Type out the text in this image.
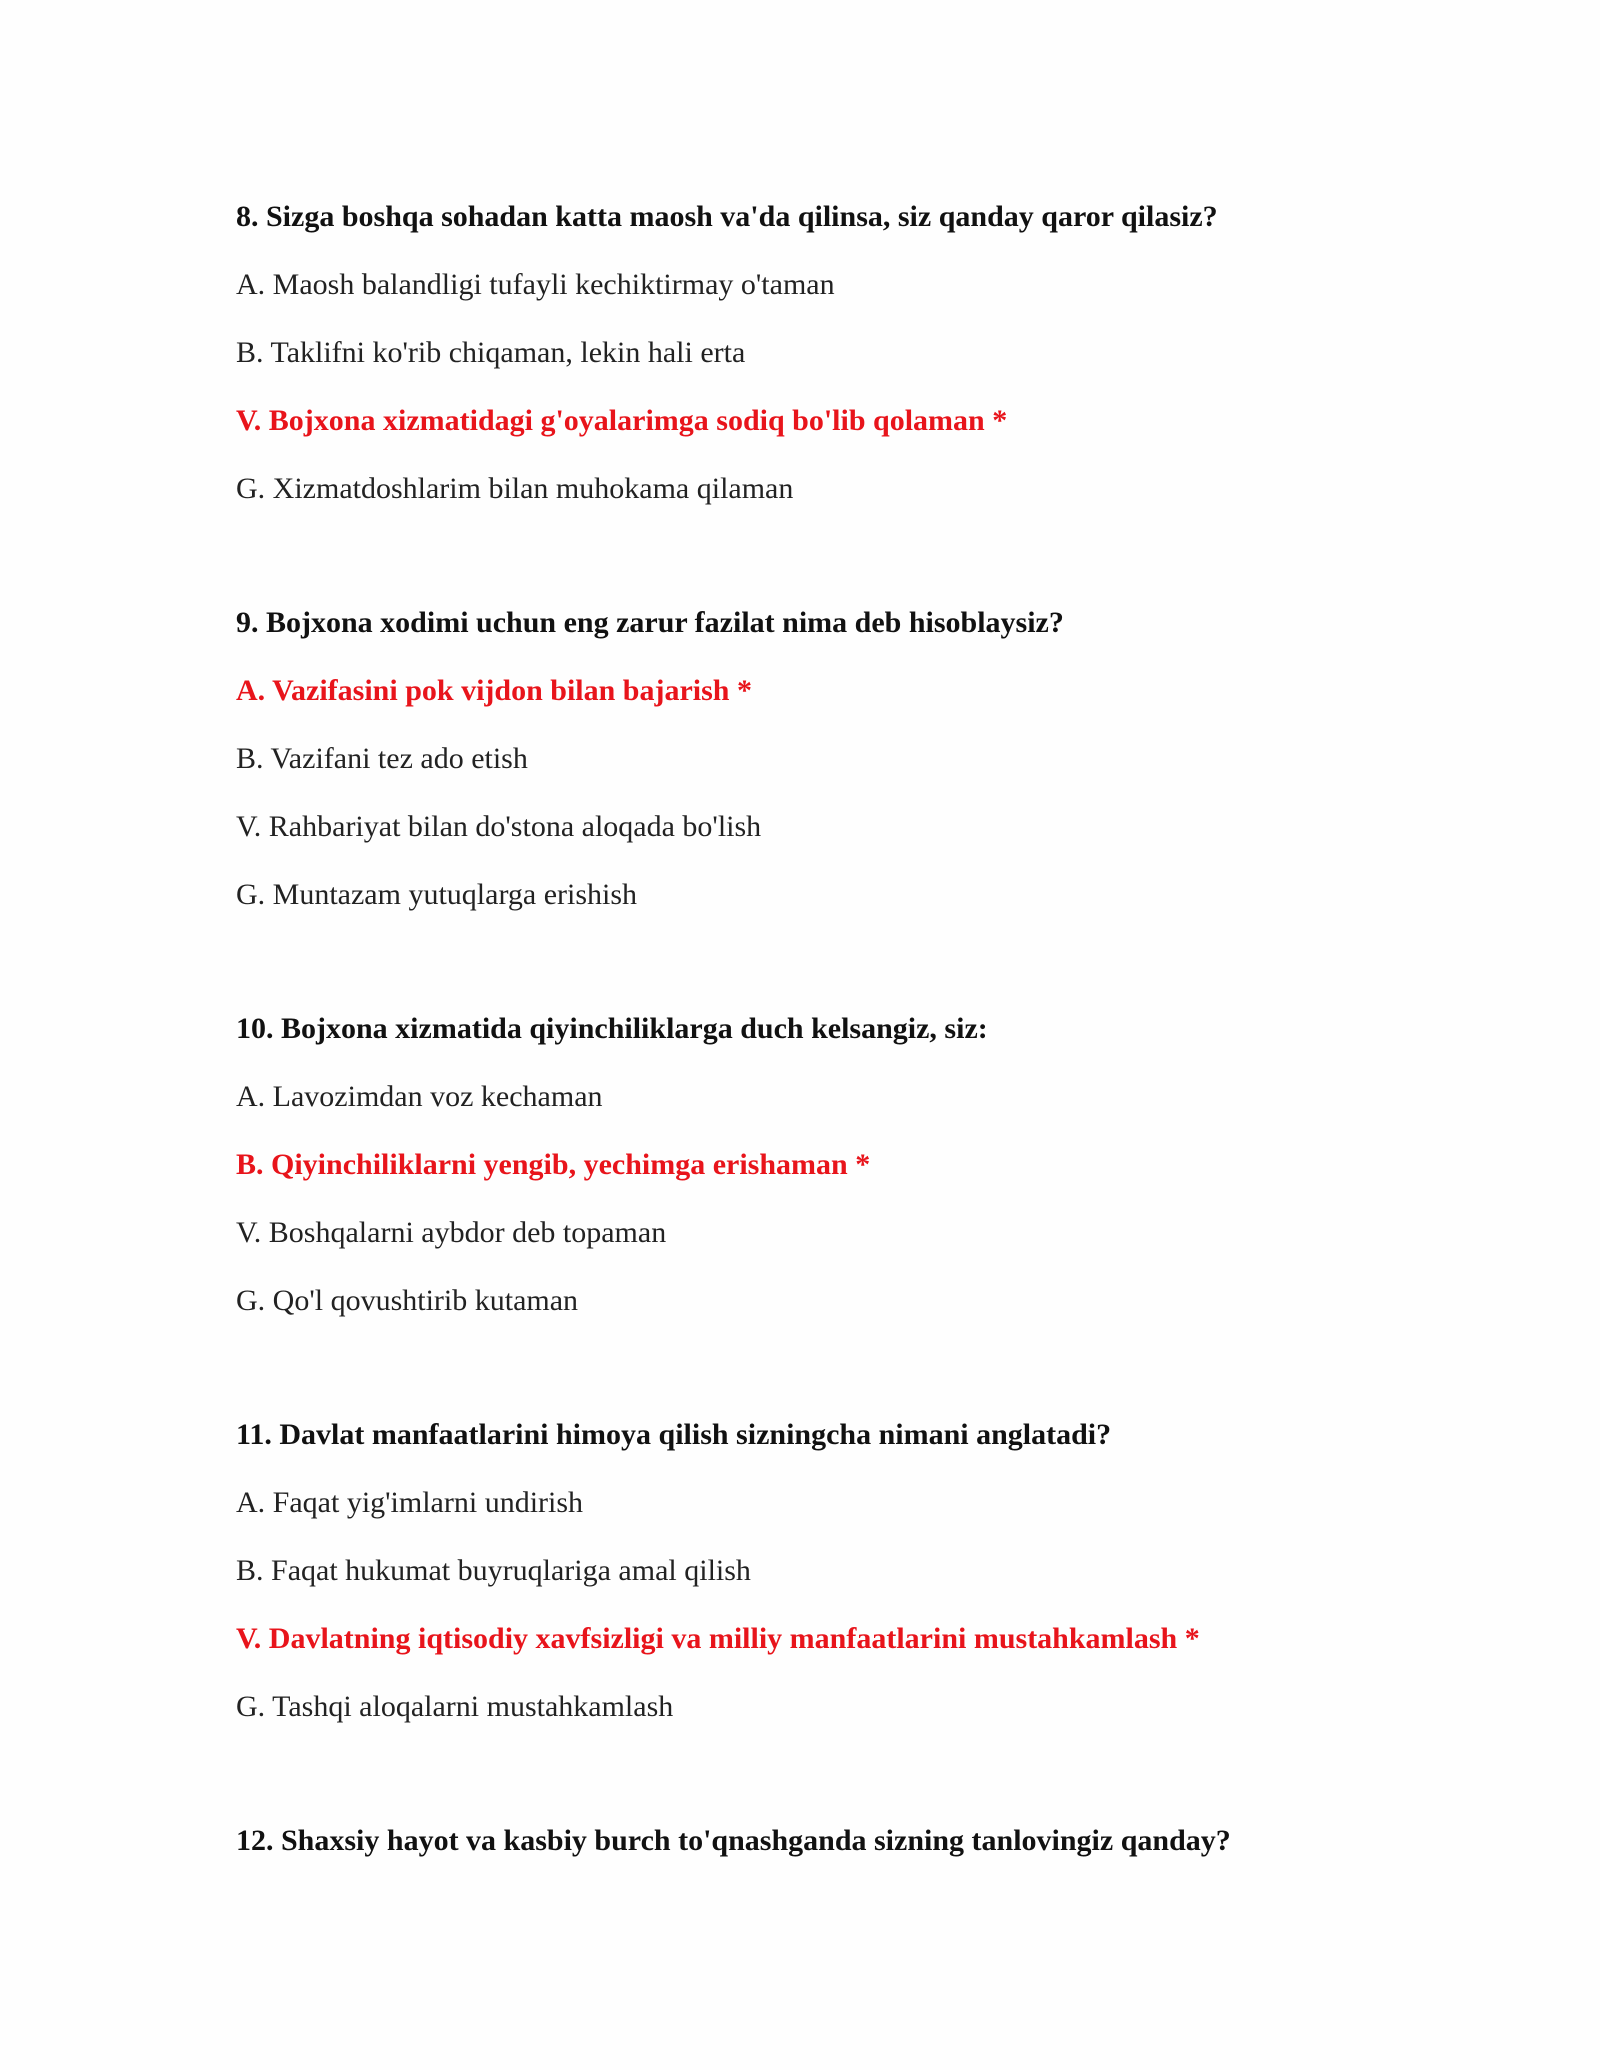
8. Sizga boshqa sohadan katta maosh va'da qilinsa, siz qanday qaror qilasiz?
A. Maosh balandligi tufayli kechiktirmay o'taman
B. Taklifni ko'rib chiqaman, lekin hali erta
V. Bojxona xizmatidagi g'oyalarimga sodiq bo'lib qolaman *
G. Xizmatdoshlarim bilan muhokama qilaman
9. Bojxona xodimi uchun eng zarur fazilat nima deb hisoblaysiz?
A. Vazifasini pok vijdon bilan bajarish *
B. Vazifani tez ado etish
V. Rahbariyat bilan do'stona aloqada bo'lish
G. Muntazam yutuqlarga erishish
10. Bojxona xizmatida qiyinchiliklarga duch kelsangiz, siz:
A. Lavozimdan voz kechaman
B. Qiyinchiliklarni yengib, yechimga erishaman *
V. Boshqalarni aybdor deb topaman
G. Qo'l qovushtirib kutaman
11. Davlat manfaatlarini himoya qilish sizningcha nimani anglatadi?
A. Faqat yig'imlarni undirish
B. Faqat hukumat buyruqlariga amal qilish
V. Davlatning iqtisodiy xavfsizligi va milliy manfaatlarini mustahkamlash *
G. Tashqi aloqalarni mustahkamlash
12. Shaxsiy hayot va kasbiy burch to'qnashganda sizning tanlovingiz qanday?
